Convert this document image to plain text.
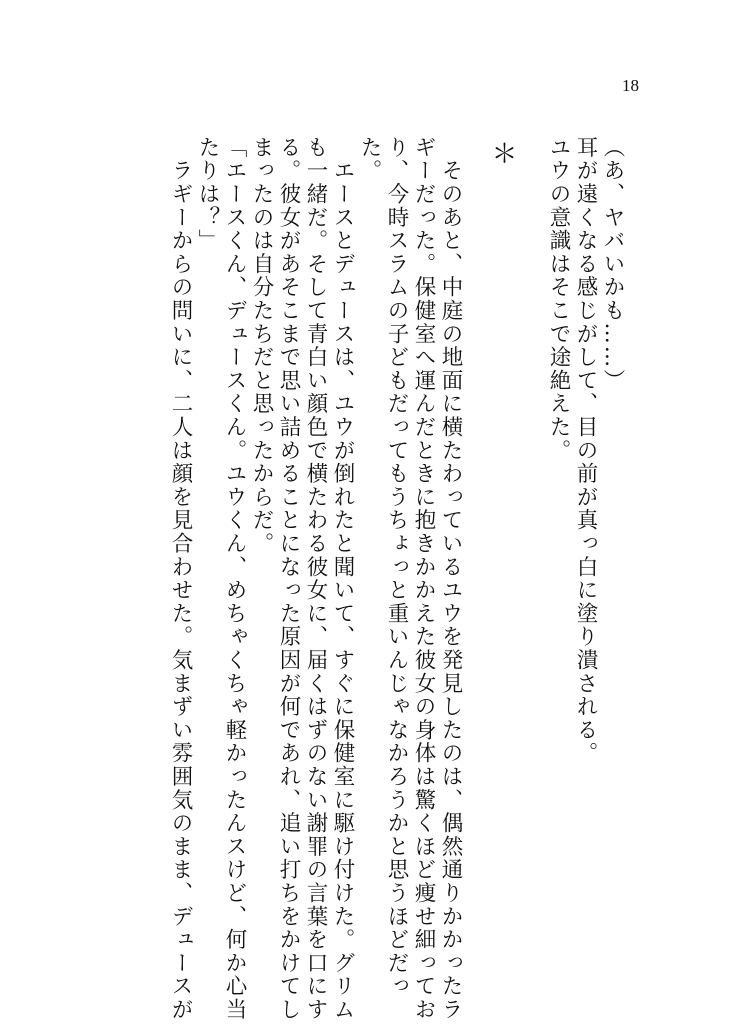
18
（あ、ヤバいかも……）
耳が遠くなる感じがして、目の前が真っ白に塗り潰される。
ユウの意識はそこで途絶えた。
＊
　そのあと、中庭の地面に横たわっているユウを発見したのは、偶然通りかかったラ
ギーだった。保健室へ運んだときに抱きかかえた彼女の身体は驚くほど痩せ細ってお
り、今時スラムの子どもだってもうちょっと重いんじゃなかろうかと思うほどだっ
た。
　エースとデュースは、ユウが倒れたと聞いて、すぐに保健室に駆け付けた。グリム
も一緒だ。そして青白い顔色で横たわる彼女に、届くはずのない謝罪の言葉を口にす
る。彼女があそこまで思い詰めることになった原因が何であれ、追い打ちをかけてし
まったのは自分たちだと思ったからだ。
「エースくん、デュースくん。ユウくん、めちゃくちゃ軽かったんスけど、何か心当
たりは？」
　ラギーからの問いに、二人は顔を見合わせた。気まずい雰囲気のまま、デュースが
